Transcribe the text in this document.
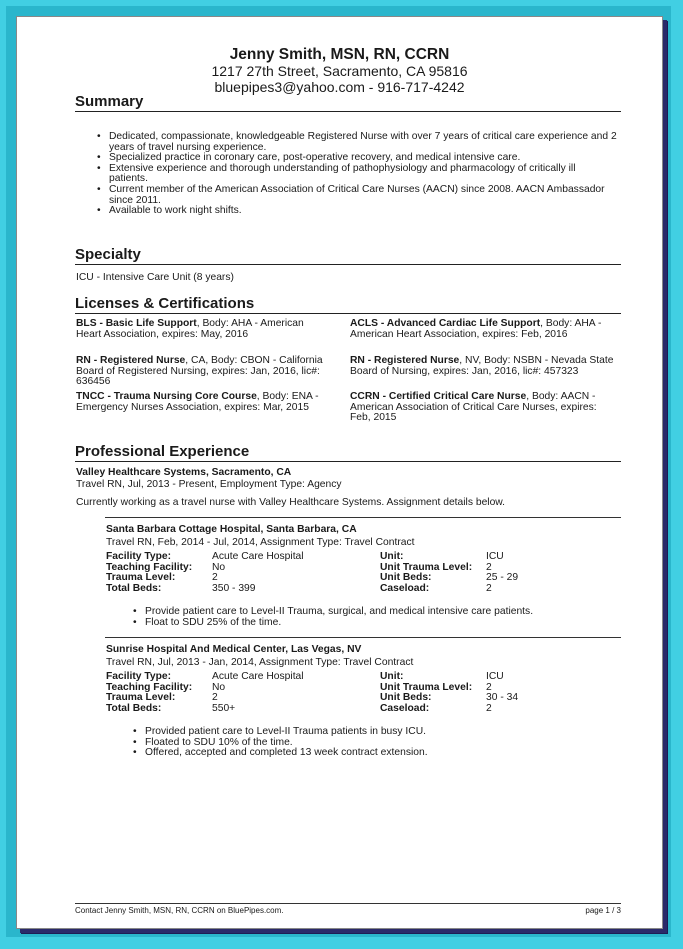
Jenny Smith, MSN, RN, CCRN
1217 27th Street, Sacramento, CA 95816
bluepipes3@yahoo.com - 916-717-4242
Summary
• Dedicated, compassionate, knowledgeable Registered Nurse with over 7 years of critical care experience and 2 years of travel nursing experience.
• Specialized practice in coronary care, post-operative recovery, and medical intensive care.
• Extensive experience and thorough understanding of pathophysiology and pharmacology of critically ill patients.
• Current member of the American Association of Critical Care Nurses (AACN) since 2008. AACN Ambassador since 2011.
• Available to work night shifts.
Specialty
ICU - Intensive Care Unit (8 years)
Licenses & Certifications
BLS - Basic Life Support, Body: AHA - American Heart Association, expires: May, 2016
ACLS - Advanced Cardiac Life Support, Body: AHA - American Heart Association, expires: Feb, 2016
RN - Registered Nurse, CA, Body: CBON - California Board of Registered Nursing, expires: Jan, 2016, lic#: 636456
RN - Registered Nurse, NV, Body: NSBN - Nevada State Board of Nursing, expires: Jan, 2016, lic#: 457323
TNCC - Trauma Nursing Core Course, Body: ENA - Emergency Nurses Association, expires: Mar, 2015
CCRN - Certified Critical Care Nurse, Body: AACN - American Association of Critical Care Nurses, expires: Feb, 2015
Professional Experience
Valley Healthcare Systems, Sacramento, CA
Travel RN, Jul, 2013 - Present, Employment Type: Agency
Currently working as a travel nurse with Valley Healthcare Systems. Assignment details below.
Santa Barbara Cottage Hospital, Santa Barbara, CA
Travel RN, Feb, 2014 - Jul, 2014, Assignment Type: Travel Contract
Facility Type:	Acute Care Hospital	Unit:	ICU
Teaching Facility: No	Unit Trauma Level: 2
Trauma Level:	2	Unit Beds:	25 - 29
Total Beds:	350 - 399	Caseload:	2
• Provide patient care to Level-II Trauma, surgical, and medical intensive care patients.
• Float to SDU 25% of the time.
Sunrise Hospital And Medical Center, Las Vegas, NV
Travel RN, Jul, 2013 - Jan, 2014, Assignment Type: Travel Contract
Facility Type:	Acute Care Hospital	Unit:	ICU
Teaching Facility: No	Unit Trauma Level: 2
Trauma Level:	2	Unit Beds:	30 - 34
Total Beds:	550+	Caseload:	2
• Provided patient care to Level-II Trauma patients in busy ICU.
• Floated to SDU 10% of the time.
• Offered, accepted and completed 13 week contract extension.
Contact Jenny Smith, MSN, RN, CCRN on BluePipes.com.	page 1 / 3
